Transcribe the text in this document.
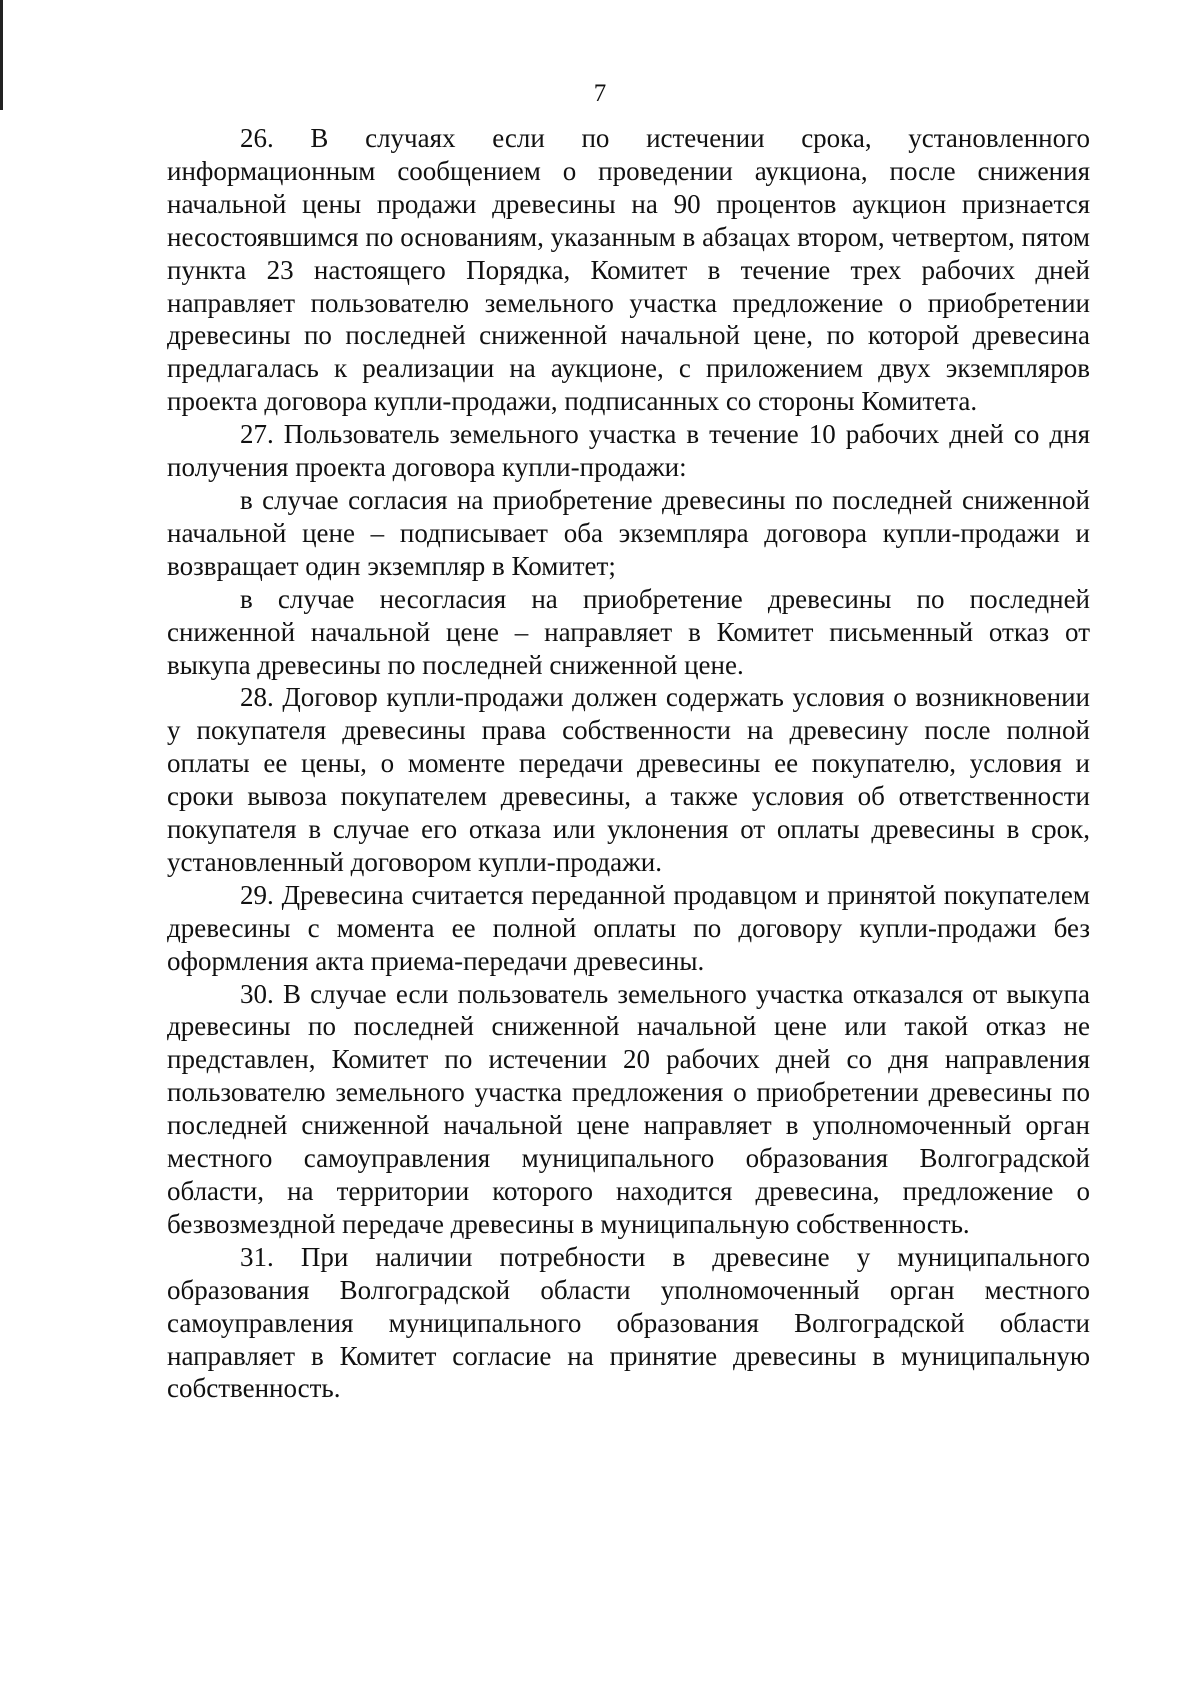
7

26. В случаях если по истечении срока, установленного информационным сообщением о проведении аукциона, после снижения начальной цены продажи древесины на 90 процентов аукцион признается несостоявшимся по основаниям, указанным в абзацах втором, четвертом, пятом пункта 23 настоящего Порядка, Комитет в течение трех рабочих дней направляет пользователю земельного участка предложение о приобретении древесины по последней сниженной начальной цене, по которой древесина предлагалась к реализации на аукционе, с приложением двух экземпляров проекта договора купли-продажи, подписанных со стороны Комитета.

27. Пользователь земельного участка в течение 10 рабочих дней со дня получения проекта договора купли-продажи:

в случае согласия на приобретение древесины по последней сниженной начальной цене – подписывает оба экземпляра договора купли-продажи и возвращает один экземпляр в Комитет;

в случае несогласия на приобретение древесины по последней сниженной начальной цене – направляет в Комитет письменный отказ от выкупа древесины по последней сниженной цене.

28. Договор купли-продажи должен содержать условия о возникновении у покупателя древесины права собственности на древесину после полной оплаты ее цены, о моменте передачи древесины ее покупателю, условия и сроки вывоза покупателем древесины, а также условия об ответственности покупателя в случае его отказа или уклонения от оплаты древесины в срок, установленный договором купли-продажи.

29. Древесина считается переданной продавцом и принятой покупателем древесины с момента ее полной оплаты по договору купли-продажи без оформления акта приема-передачи древесины.

30. В случае если пользователь земельного участка отказался от выкупа древесины по последней сниженной начальной цене или такой отказ не представлен, Комитет по истечении 20 рабочих дней со дня направления пользователю земельного участка предложения о приобретении древесины по последней сниженной начальной цене направляет в уполномоченный орган местного самоуправления муниципального образования Волгоградской области, на территории которого находится древесина, предложение о безвозмездной передаче древесины в муниципальную собственность.

31. При наличии потребности в древесине у муниципального образования Волгоградской области уполномоченный орган местного самоуправления муниципального образования Волгоградской области направляет в Комитет согласие на принятие древесины в муниципальную собственность.
